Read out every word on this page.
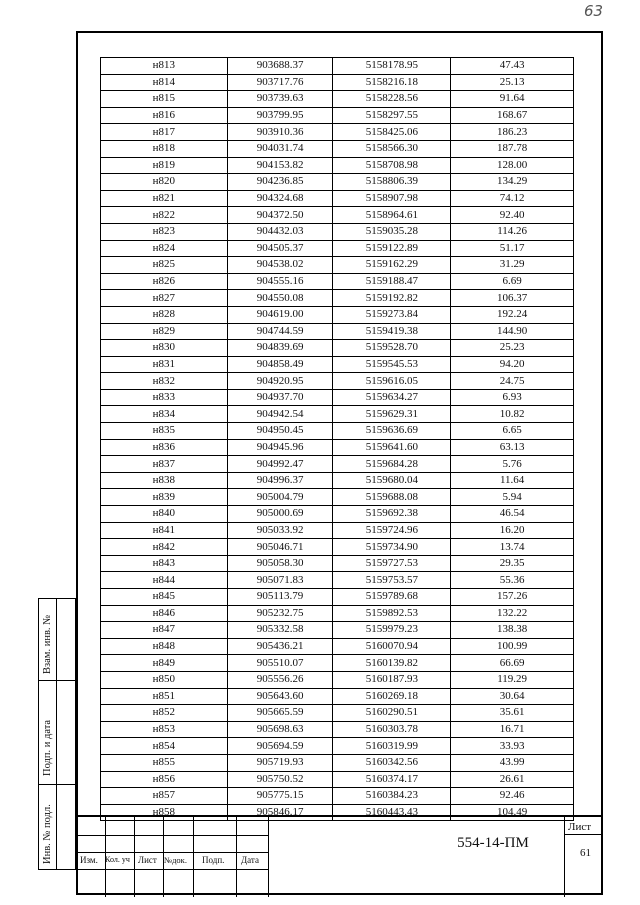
63
н813	903688.37	5158178.95	47.43
н814	903717.76	5158216.18	25.13
н815	903739.63	5158228.56	91.64
н816	903799.95	5158297.55	168.67
н817	903910.36	5158425.06	186.23
н818	904031.74	5158566.30	187.78
н819	904153.82	5158708.98	128.00
н820	904236.85	5158806.39	134.29
н821	904324.68	5158907.98	74.12
н822	904372.50	5158964.61	92.40
н823	904432.03	5159035.28	114.26
н824	904505.37	5159122.89	51.17
н825	904538.02	5159162.29	31.29
н826	904555.16	5159188.47	6.69
н827	904550.08	5159192.82	106.37
н828	904619.00	5159273.84	192.24
н829	904744.59	5159419.38	144.90
н830	904839.69	5159528.70	25.23
н831	904858.49	5159545.53	94.20
н832	904920.95	5159616.05	24.75
н833	904937.70	5159634.27	6.93
н834	904942.54	5159629.31	10.82
н835	904950.45	5159636.69	6.65
н836	904945.96	5159641.60	63.13
н837	904992.47	5159684.28	5.76
н838	904996.37	5159680.04	11.64
н839	905004.79	5159688.08	5.94
н840	905000.69	5159692.38	46.54
н841	905033.92	5159724.96	16.20
н842	905046.71	5159734.90	13.74
н843	905058.30	5159727.53	29.35
н844	905071.83	5159753.57	55.36
н845	905113.79	5159789.68	157.26
н846	905232.75	5159892.53	132.22
н847	905332.58	5159979.23	138.38
н848	905436.21	5160070.94	100.99
н849	905510.07	5160139.82	66.69
н850	905556.26	5160187.93	119.29
н851	905643.60	5160269.18	30.64
н852	905665.59	5160290.51	35.61
н853	905698.63	5160303.78	16.71
н854	905694.59	5160319.99	33.93
н855	905719.93	5160342.56	43.99
н856	905750.52	5160374.17	26.61
н857	905775.15	5160384.23	92.46
н858	905846.17	5160443.43	104.49
Взам. инв. №
Подп. и дата
Инв. № подл.	Изм. Кол. уч Лист №док. Подп. Дата
554-14-ПМ
Лист
61
